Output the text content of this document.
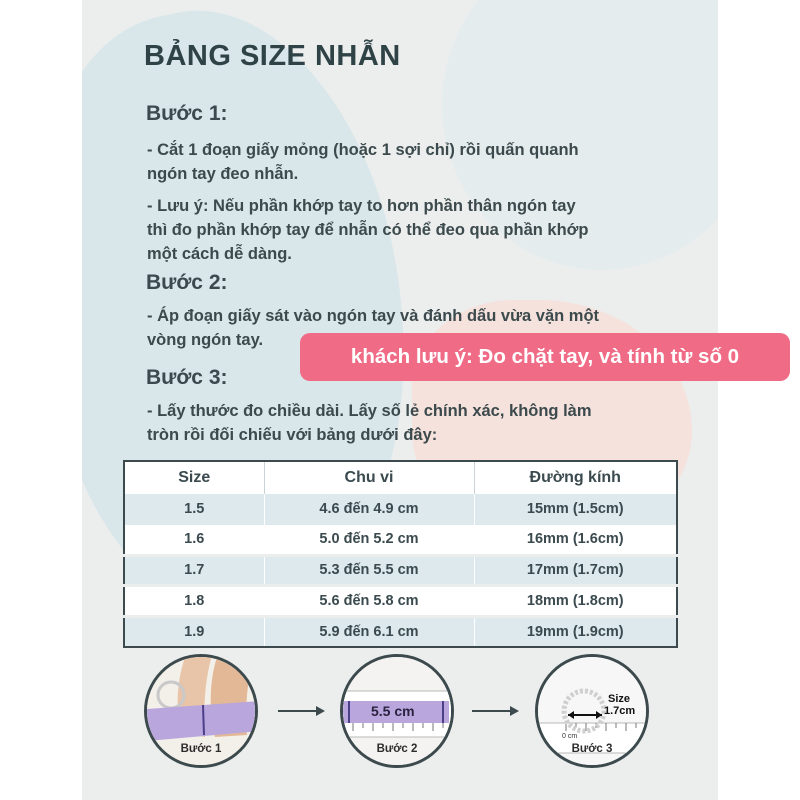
BẢNG SIZE NHẪN
Bước 1:
- Cắt 1 đoạn giấy mỏng (hoặc 1 sợi chỉ) rồi quấn quanh
ngón tay đeo nhẫn.
- Lưu ý: Nếu phần khớp tay to hơn phần thân ngón tay
thì đo phần khớp tay để nhẫn có thể đeo qua phần khớp
một cách dễ dàng.
Bước 2:
- Áp đoạn giấy sát vào ngón tay và đánh dấu vừa vặn một
vòng ngón tay.
khách lưu ý: Đo chặt tay, và tính từ số 0
Bước 3:
- Lấy thước đo chiều dài. Lấy số lẻ chính xác, không làm
tròn rồi đối chiếu với bảng dưới đây:
Size	Chu vi	Đường kính
1.5	4.6 đến 4.9 cm	15mm (1.5cm)
1.6	5.0 đến 5.2 cm	16mm (1.6cm)
1.7	5.3 đến 5.5 cm	17mm (1.7cm)
1.8	5.6 đến 5.8 cm	18mm (1.8cm)
1.9	5.9 đến 6.1 cm	19mm (1.9cm)
Bước 1
5.5 cm
Bước 2
Size
1.7cm
0 cm
Bước 3
